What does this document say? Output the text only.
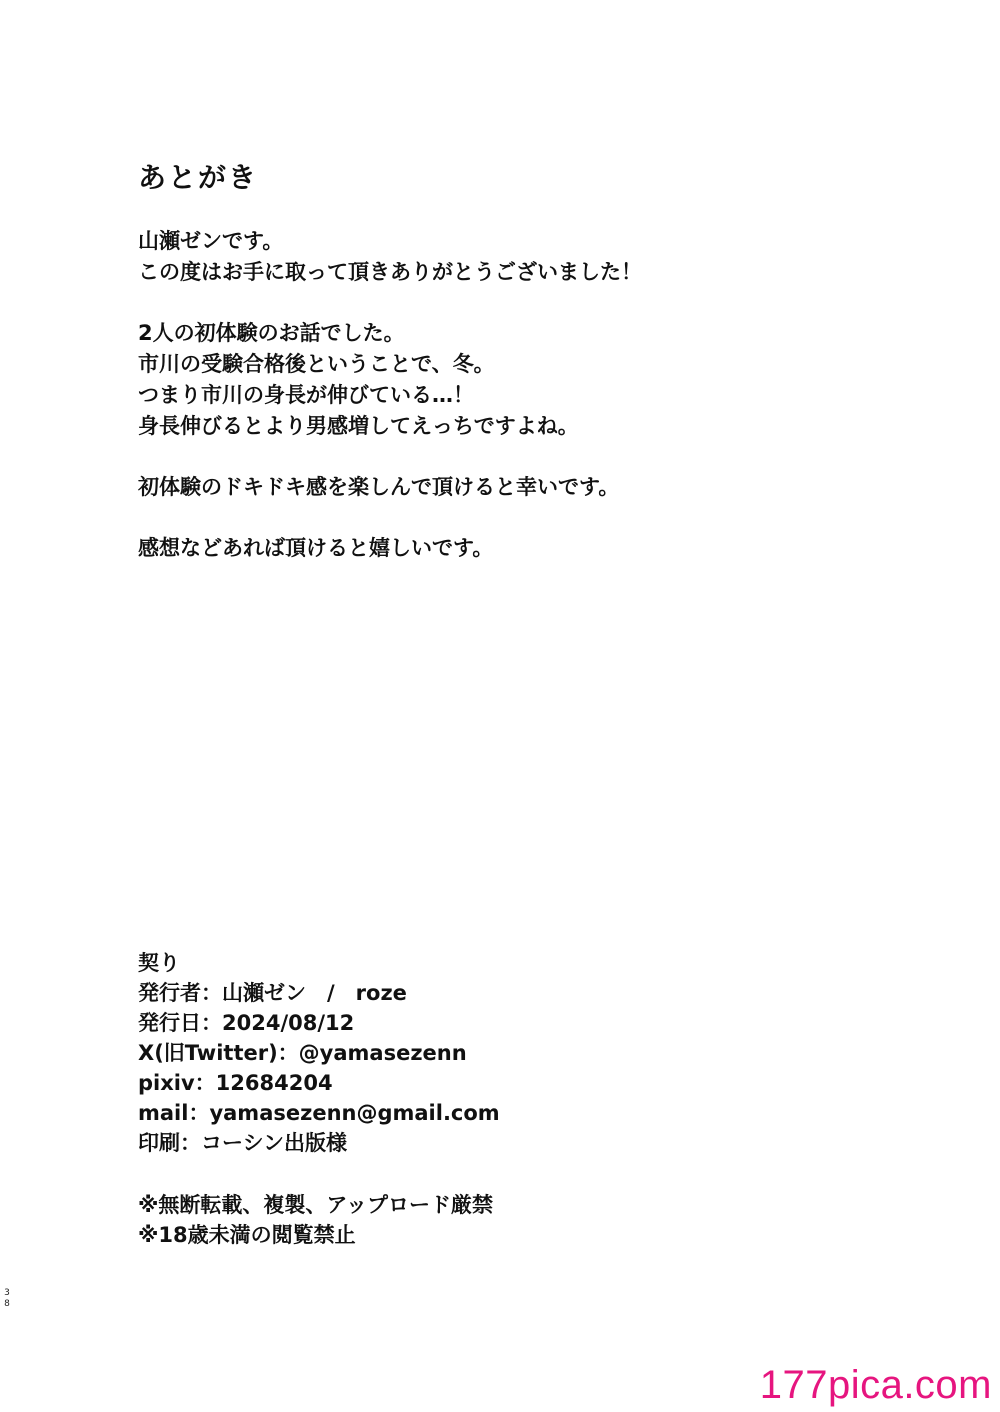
あとがき
山瀬ゼンです。
この度はお手に取って頂きありがとうございました！
2人の初体験のお話でした。
市川の受験合格後ということで、冬。
つまり市川の身長が伸びている…！
身長伸びるとより男感増してえっちですよね。
初体験のドキドキ感を楽しんで頂けると幸いです。
感想などあれば頂けると嬉しいです。
契り
発行者：山瀬ゼン　/　roze
発行日：2024/08/12
X(旧Twitter)：@yamasezenn
pixiv：12684204
mail：yamasezenn@gmail.com
印刷：コーシン出版様
※無断転載、複製、アップロード厳禁
※18歳未満の閲覧禁止
3
8
177pica.com
